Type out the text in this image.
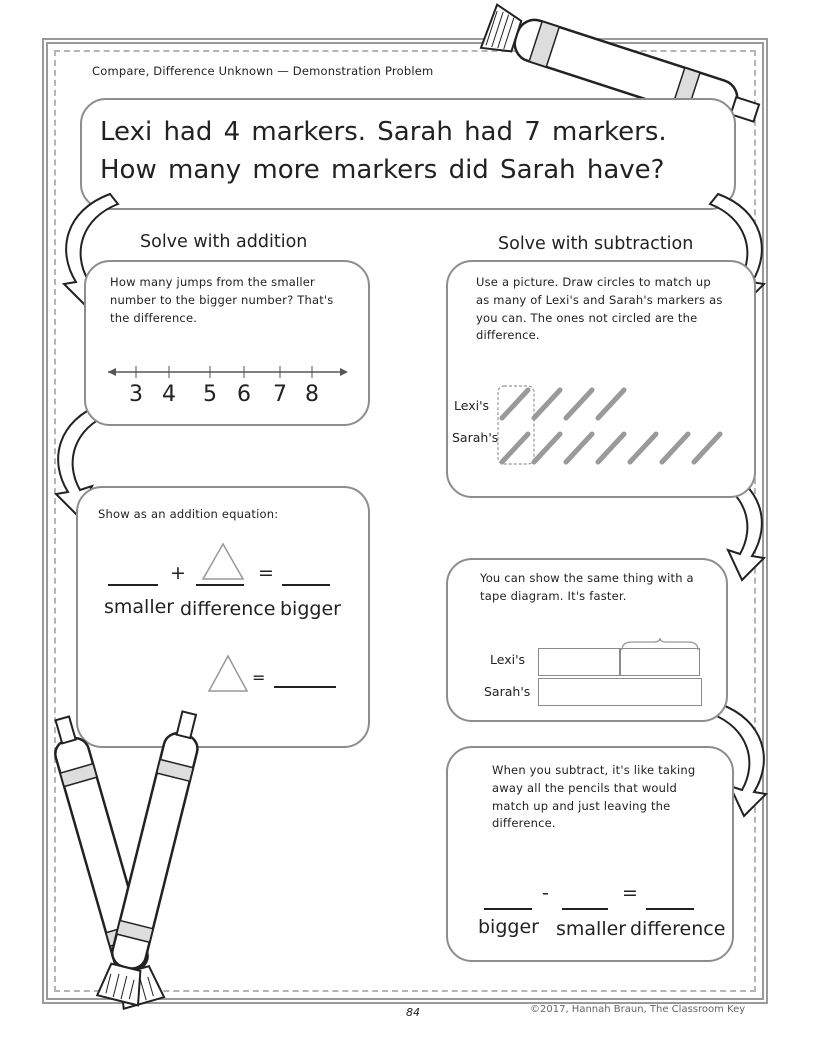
Compare, Difference Unknown — Demonstration Problem
Lexi had 4 markers. Sarah had 7 markers. How many more markers did Sarah have?
Solve with addition	Solve with subtraction
How many jumps from the smaller number to the bigger number? That's the difference.
3 4 5 6 7 8
Use a picture. Draw circles to match up as many of Lexi's and Sarah's markers as you can. The ones not circled are the difference.
Lexi's
Sarah's
Show as an addition equation:
+	=
smaller difference bigger
=
You can show the same thing with a tape diagram. It's faster.
Lexi's
Sarah's
When you subtract, it's like taking away all the pencils that would match up and just leaving the difference.
-	=
bigger smaller difference
84	©2017, Hannah Braun, The Classroom Key
